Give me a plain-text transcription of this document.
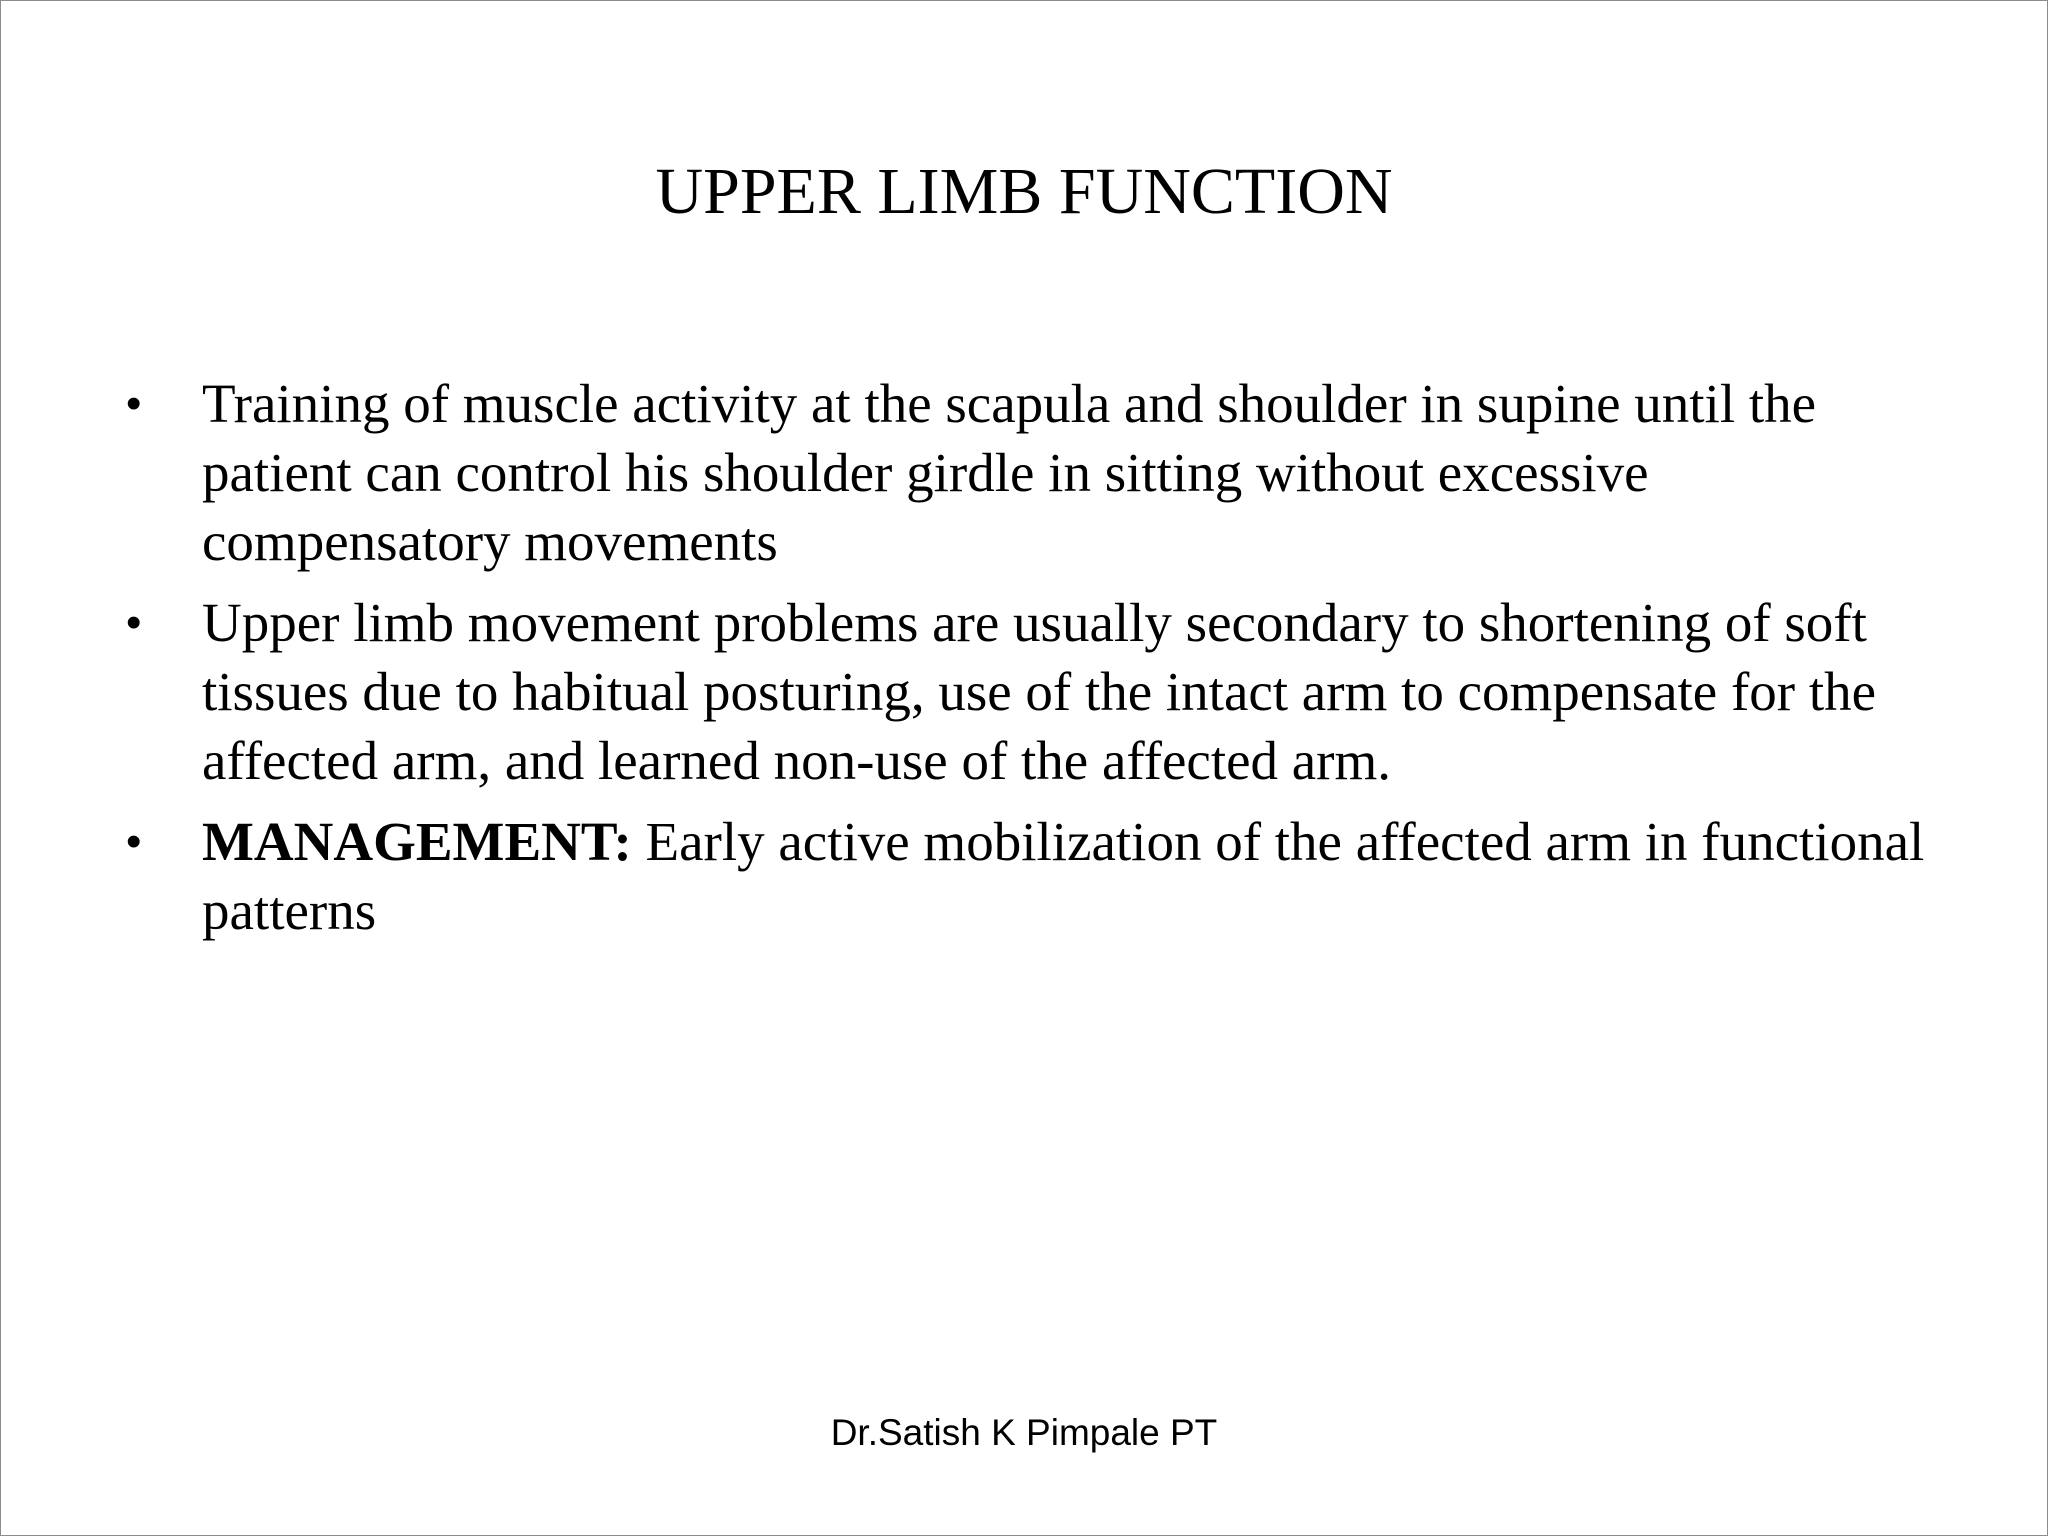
UPPER LIMB FUNCTION
• Training of muscle activity at the scapula and shoulder in supine until the patient can control his shoulder girdle in sitting without excessive compensatory movements
• Upper limb movement problems are usually secondary to shortening of soft tissues due to habitual posturing, use of the intact arm to compensate for the affected arm, and learned non-use of the affected arm.
• MANAGEMENT: Early active mobilization of the affected arm in functional patterns
Dr.Satish K Pimpale PT
